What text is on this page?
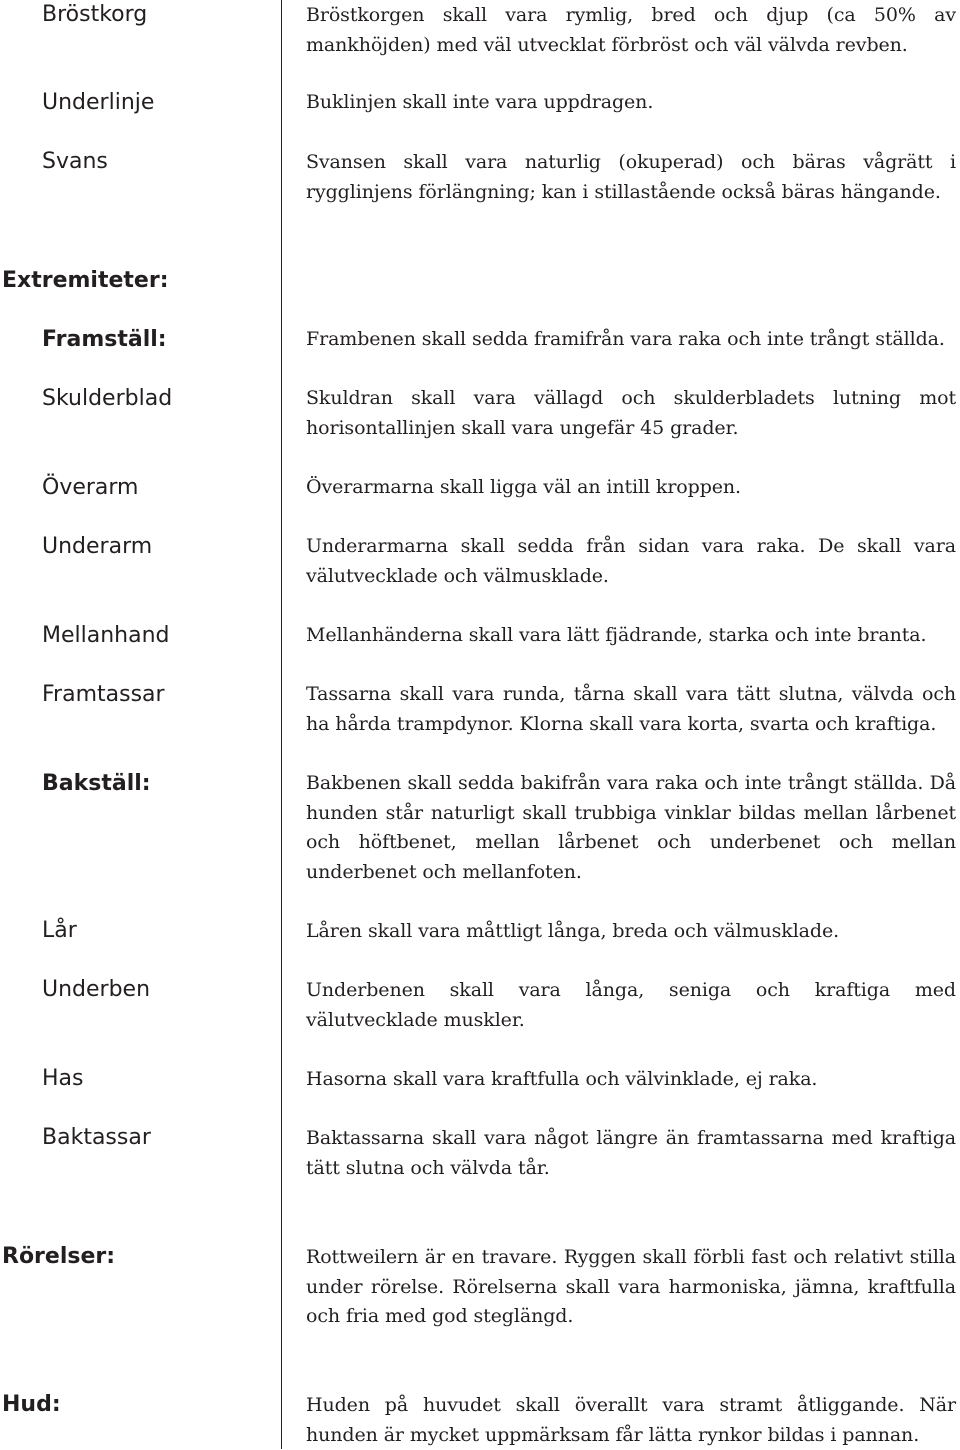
Bröstkorg	Bröstkorgen skall vara rymlig, bred och djup (ca 50% av mankhöjden) med väl utvecklat förbröst och väl välvda revben.
Underlinje	Buklinjen skall inte vara uppdragen.
Svans	Svansen skall vara naturlig (okuperad) och bäras vågrätt i rygglinjens förlängning; kan i stillastående också bäras hängande.
Extremiteter:
Framställ:	Frambenen skall sedda framifrån vara raka och inte trångt ställda.
Skulderblad	Skuldran skall vara vällagd och skulderbladets lutning mot horisontallinjen skall vara ungefär 45 grader.
Överarm	Överarmarna skall ligga väl an intill kroppen.
Underarm	Underarmarna skall sedda från sidan vara raka. De skall vara välutvecklade och välmusklade.
Mellanhand	Mellanhänderna skall vara lätt fjädrande, starka och inte branta.
Framtassar	Tassarna skall vara runda, tårna skall vara tätt slutna, välvda och ha hårda trampdynor. Klorna skall vara korta, svarta och kraftiga.
Bakställ:	Bakbenen skall sedda bakifrån vara raka och inte trångt ställda. Då hunden står naturligt skall trubbiga vinklar bildas mellan lårbenet och höftbenet, mellan lårbenet och underbenet och mellan underbenet och mellanfoten.
Lår	Låren skall vara måttligt långa, breda och välmusklade.
Underben	Underbenen skall vara långa, seniga och kraftiga med välutvecklade muskler.
Has	Hasorna skall vara kraftfulla och välvinklade, ej raka.
Baktassar	Baktassarna skall vara något längre än framtassarna med kraftiga tätt slutna och välvda tår.
Rörelser:	Rottweilern är en travare. Ryggen skall förbli fast och relativt stilla under rörelse. Rörelserna skall vara harmoniska, jämna, kraftfulla och fria med god steglängd.
Hud:	Huden på huvudet skall överallt vara stramt åtliggande. När hunden är mycket uppmärksam får lätta rynkor bildas i pannan.
